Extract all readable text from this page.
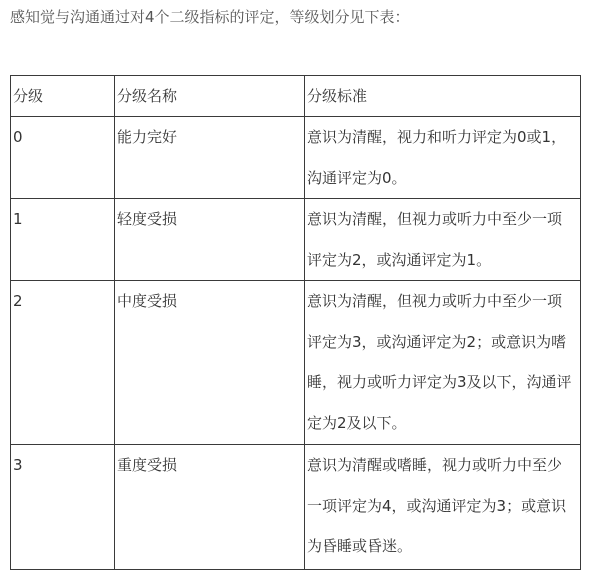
感知觉与沟通通过对4个二级指标的评定，等级划分见下表：
分级	分级名称	分级标准

0	能力完好	意识为清醒，视力和听力评定为0或1，沟通评定为0。

1	轻度受损	意识为清醒，但视力或听力中至少一项评定为2，或沟通评定为1。

2	中度受损	意识为清醒，但视力或听力中至少一项评定为3，或沟通评定为2；或意识为嗜睡，视力或听力评定为3及以下，沟通评定为2及以下。

3	重度受损	意识为清醒或嗜睡，视力或听力中至少一项评定为4，或沟通评定为3；或意识为昏睡或昏迷。
